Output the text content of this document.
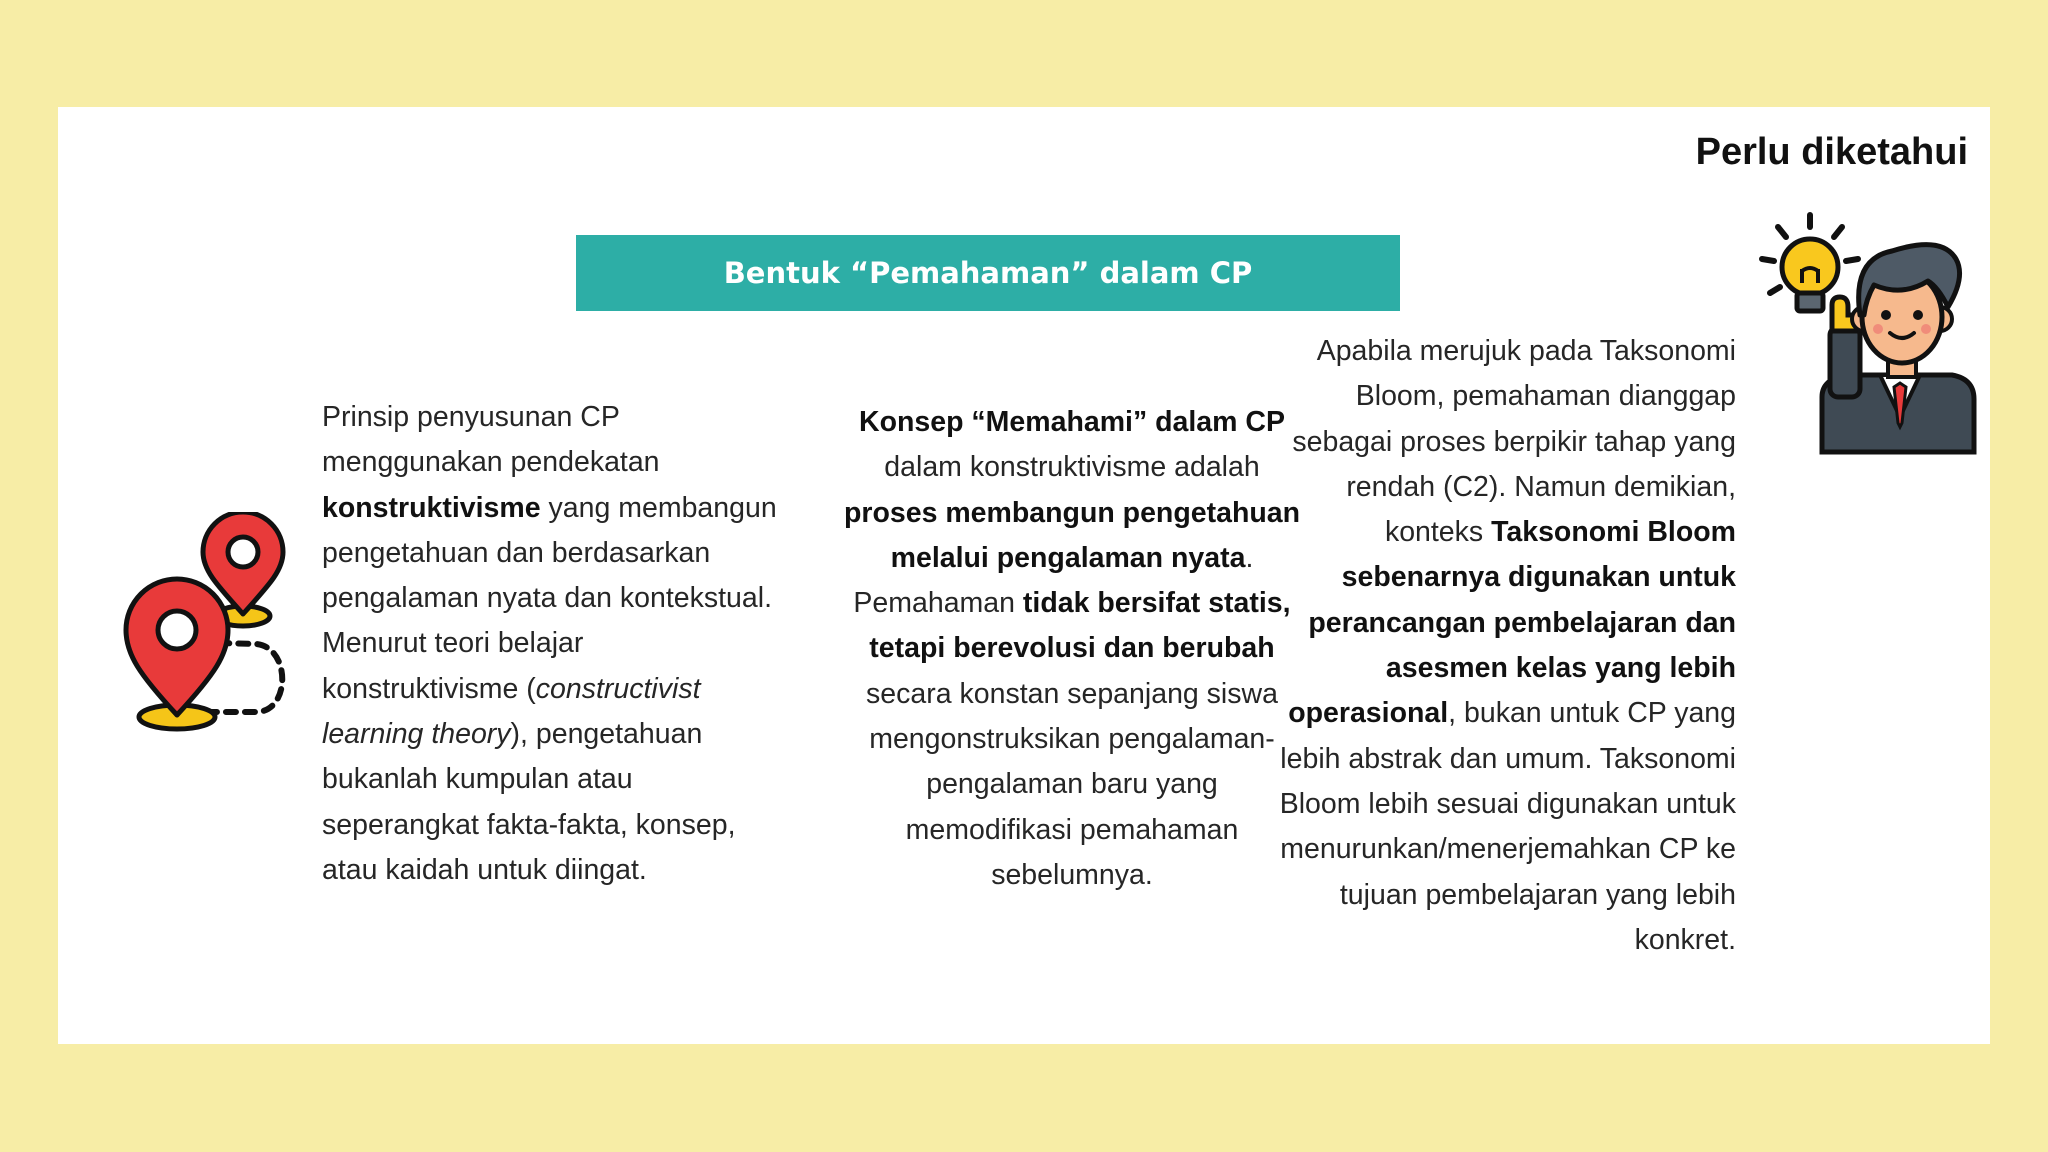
Perlu diketahui
Bentuk “Pemahaman” dalam CP
Prinsip penyusunan CP
menggunakan pendekatan
konstruktivisme yang membangun
pengetahuan dan berdasarkan
pengalaman nyata dan kontekstual.
Menurut teori belajar
konstruktivisme (constructivist
learning theory), pengetahuan
bukanlah kumpulan atau
seperangkat fakta-fakta, konsep,
atau kaidah untuk diingat.
Konsep “Memahami” dalam CP
dalam konstruktivisme adalah
proses membangun pengetahuan
melalui pengalaman nyata.
Pemahaman tidak bersifat statis,
tetapi berevolusi dan berubah
secara konstan sepanjang siswa
mengonstruksikan pengalaman-
pengalaman baru yang
memodifikasi pemahaman
sebelumnya.
Apabila merujuk pada Taksonomi
Bloom, pemahaman dianggap
sebagai proses berpikir tahap yang
rendah (C2). Namun demikian,
konteks Taksonomi Bloom
sebenarnya digunakan untuk
perancangan pembelajaran dan
asesmen kelas yang lebih
operasional, bukan untuk CP yang
lebih abstrak dan umum. Taksonomi
Bloom lebih sesuai digunakan untuk
menurunkan/menerjemahkan CP ke
tujuan pembelajaran yang lebih
konkret.
